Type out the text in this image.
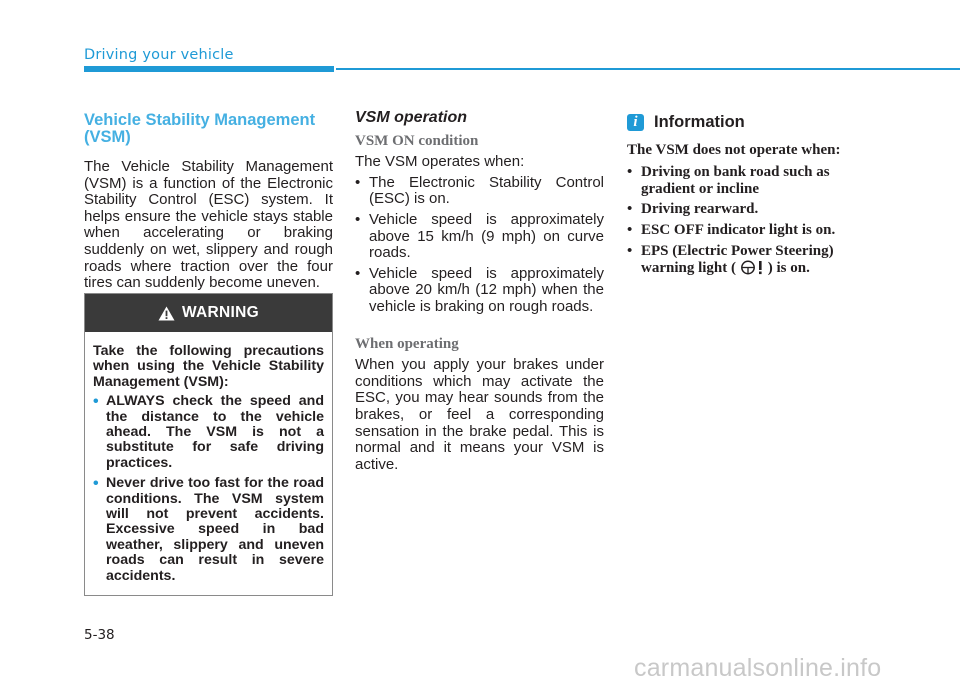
Driving your vehicle

Vehicle Stability Management (VSM)

The Vehicle Stability Management (VSM) is a function of the Electronic Stability Control (ESC) system. It helps ensure the vehicle stays stable when accelerating or braking suddenly on wet, slippery and rough roads where traction over the four tires can suddenly become uneven.

WARNING

Take the following precautions when using the Vehicle Stability Management (VSM):

• ALWAYS check the speed and the distance to the vehicle ahead. The VSM is not a substitute for safe driving practices.
• Never drive too fast for the road conditions. The VSM system will not prevent accidents. Excessive speed in bad weather, slippery and uneven roads can result in severe accidents.

VSM operation

VSM ON condition

The VSM operates when:

• The Electronic Stability Control (ESC) is on.
• Vehicle speed is approximately above 15 km/h (9 mph) on curve roads.
• Vehicle speed is approximately above 20 km/h (12 mph) when the vehicle is braking on rough roads.

When operating

When you apply your brakes under conditions which may activate the ESC, you may hear sounds from the brakes, or feel a corresponding sensation in the brake pedal. This is normal and it means your VSM is active.

i Information

The VSM does not operate when:

• Driving on bank road such as gradient or incline
• Driving rearward.
• ESC OFF indicator light is on.
• EPS (Electric Power Steering) warning light ( ) is on.
5-38
carmanualsonline.info
